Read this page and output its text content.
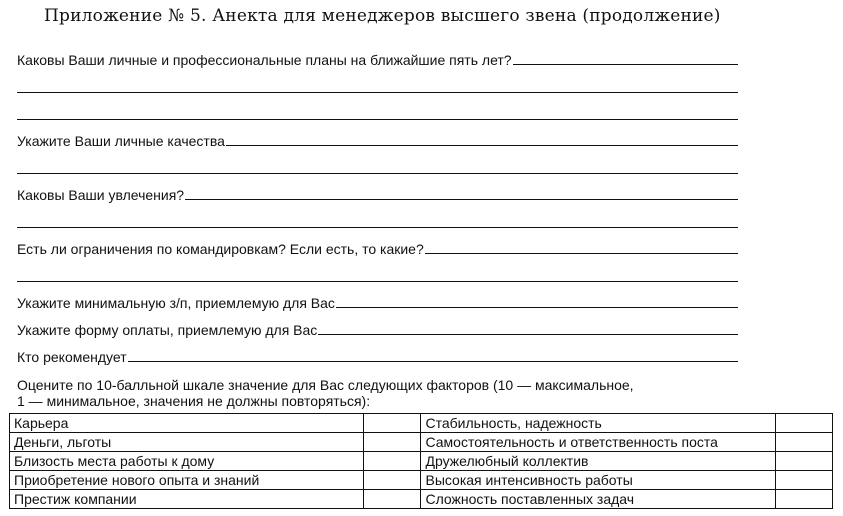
Приложение № 5. Анекта для менеджеров высшего звена (продолжение)
Каковы Ваши личные и профессиональные планы на ближайшие пять лет?
Укажите Ваши личные качества
Каковы Ваши увлечения?
Есть ли ограничения по командировкам? Если есть, то какие?
Укажите минимальную з/п, приемлемую для Вас
Укажите форму оплаты, приемлемую для Вас
Кто рекомендует
Оцените по 10-балльной шкале значение для Вас следующих факторов (10 — максимальное,
1 — минимальное, значения не должны повторяться):
Карьера		Стабильность, надежность	
Деньги, льготы		Самостоятельность и ответственность поста	
Близость места работы к дому		Дружелюбный коллектив	
Приобретение нового опыта и знаний		Высокая интенсивность работы	
Престиж компании		Сложность поставленных задач	
